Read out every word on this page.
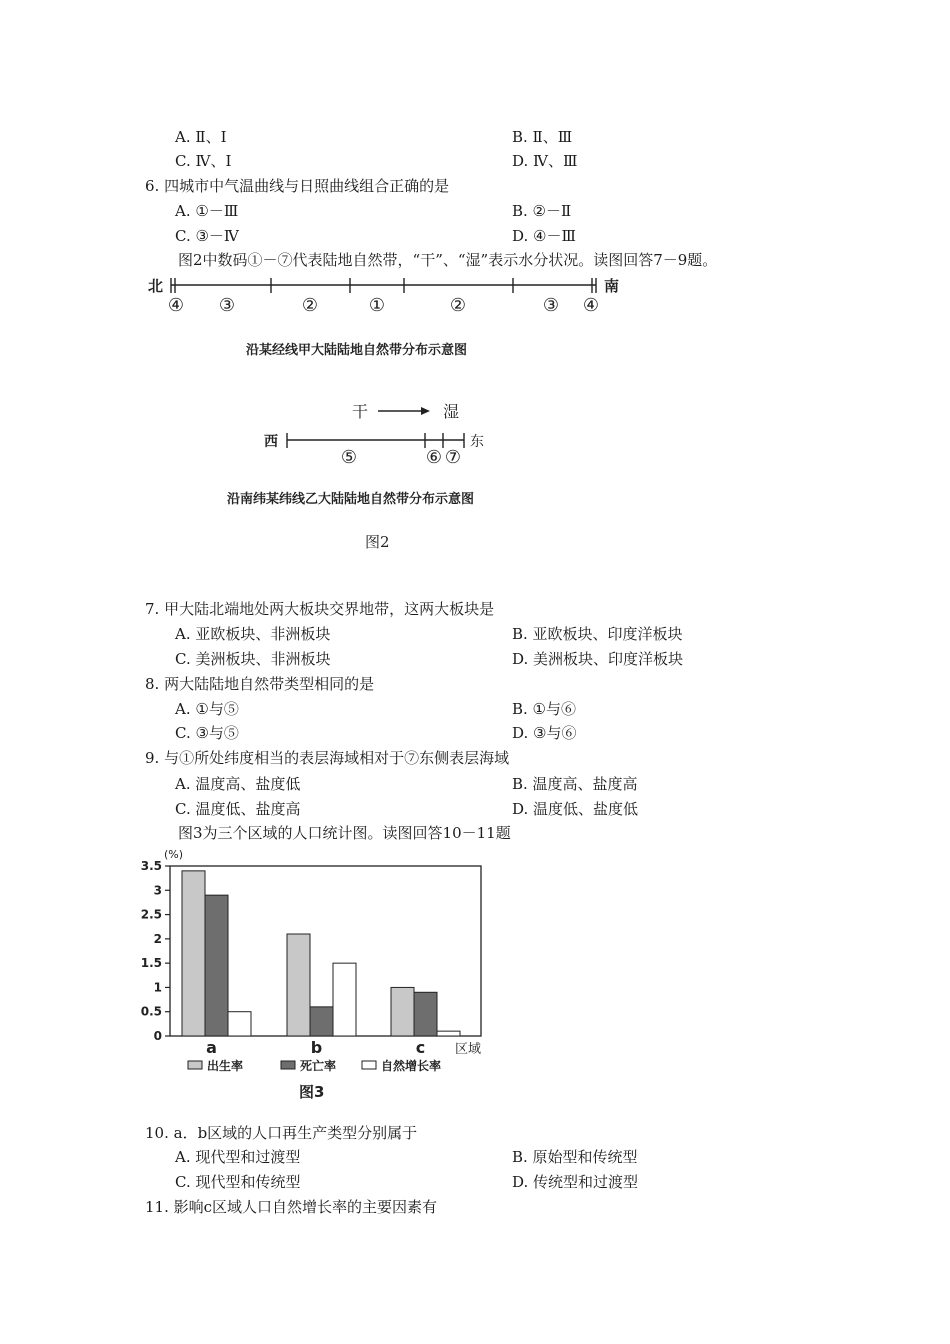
A. Ⅱ、Ⅰ	B. Ⅱ、Ⅲ
C. Ⅳ、Ⅰ	D. Ⅳ、Ⅲ
6. 四城市中气温曲线与日照曲线组合正确的是
A. ①－Ⅲ	B. ②－Ⅱ
C. ③－Ⅳ	D. ④－Ⅲ
图2中数码①－⑦代表陆地自然带，“干”、“湿”表示水分状况。读图回答7－9题。
北	南
④ ③	②	①	②	③ ④
沿某经线甲大陆陆地自然带分布示意图
干	湿
西	东
⑤	⑥ ⑦
沿南纬某纬线乙大陆陆地自然带分布示意图
图2
7. 甲大陆北端地处两大板块交界地带，这两大板块是
A. 亚欧板块、非洲板块	B. 亚欧板块、印度洋板块
C. 美洲板块、非洲板块	D. 美洲板块、印度洋板块
8. 两大陆陆地自然带类型相同的是
A. ①与⑤	B. ①与⑥
C. ③与⑤	D. ③与⑥
9. 与①所处纬度相当的表层海域相对于⑦东侧表层海域
A. 温度高、盐度低	B. 温度高、盐度高
C. 温度低、盐度高	D. 温度低、盐度低
图3为三个区域的人口统计图。读图回答10－11题
0
0.5
1
1.5
2
2.5
3
3.5
(%)
a	b	c 区域
出生率	死亡率	自然增长率
图3
10. a．b区域的人口再生产类型分别属于
A. 现代型和过渡型	B. 原始型和传统型
C. 现代型和传统型	D. 传统型和过渡型
11. 影响c区域人口自然增长率的主要因素有
